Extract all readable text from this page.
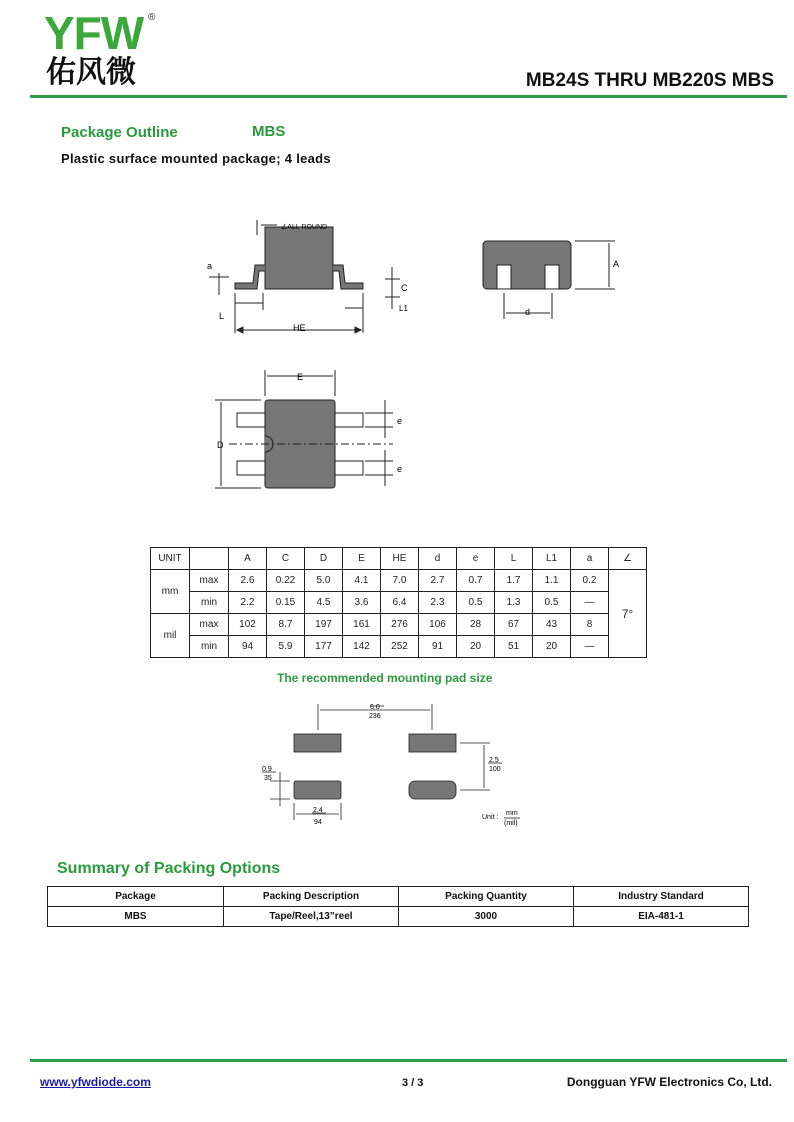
YFW ®
佑风微	MB24S THRU MB220S MBS
Package Outline	MBS
Plastic surface mounted package; 4 leads
∠ALL ROUND
a
C
L
L1
HE
A
d
E
D
e
e
UNIT		A	C	D	E	HE	d	e	L	L1	a	∠
mm	max	2.6	0.22	5.0	4.1	7.0	2.7	0.7	1.7	1.1	0.2	7°
	min	2.2	0.15	4.5	3.6	6.4	2.3	0.5	1.3	0.5	—	
mil	max	102	8.7	197	161	276	106	28	67	43	8	
	min	94	5.9	177	142	252	91	20	51	20	—	
The recommended mounting pad size
6.0
236
2.5
100
0.9
35
2.4
94
Unit :
mm
(mil)
Summary of Packing Options
Package	Packing Description	Packing Quantity	Industry Standard
MBS	Tape/Reel,13”reel	3000	EIA-481-1
www.yfwdiode.com	3 / 3	Dongguan YFW Electronics Co, Ltd.
